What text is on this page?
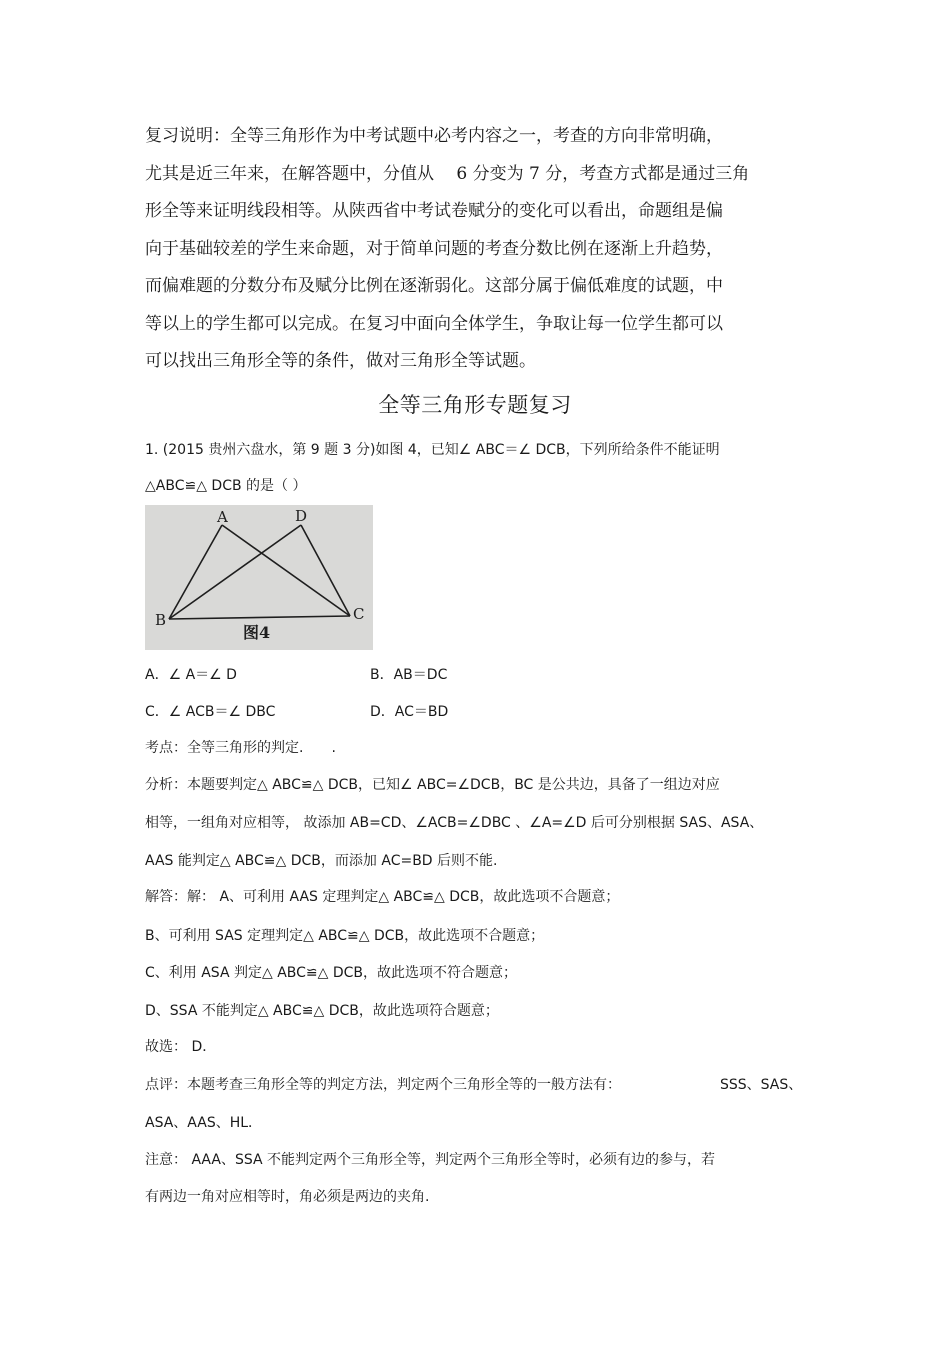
复习说明：全等三角形作为中考试题中必考内容之一，考查的方向非常明确，
尤其是近三年来，在解答题中，分值从　 6 分变为 7 分，考查方式都是通过三角
形全等来证明线段相等。从陕西省中考试卷赋分的变化可以看出，命题组是偏
向于基础较差的学生来命题，对于简单问题的考查分数比例在逐渐上升趋势，
而偏难题的分数分布及赋分比例在逐渐弱化。这部分属于偏低难度的试题，中
等以上的学生都可以完成。在复习中面向全体学生，争取让每一位学生都可以
可以找出三角形全等的条件，做对三角形全等试题。
全等三角形专题复习
1. (2015 贵州六盘水，第 9 题 3 分)如图 4，已知∠ ABC＝∠ DCB，下列所给条件不能证明
△ABC≌△ DCB 的是（ ）
A	D
B	C
图4
A．∠ A＝∠ D	B．AB＝DC
C．∠ ACB＝∠ DBC	D．AC＝BD
考点：全等三角形的判定.　　.
分析：本题要判定△ ABC≌△ DCB，已知∠ ABC=∠DCB，BC 是公共边，具备了一组边对应
相等，一组角对应相等， 故添加 AB=CD、∠ACB=∠DBC 、∠A=∠D 后可分别根据 SAS、ASA、
AAS 能判定△ ABC≌△ DCB，而添加 AC=BD 后则不能.
解答：解： A、可利用 AAS 定理判定△ ABC≌△ DCB，故此选项不合题意；
B、可利用 SAS 定理判定△ ABC≌△ DCB，故此选项不合题意；
C、利用 ASA 判定△ ABC≌△ DCB，故此选项不符合题意；
D、SSA 不能判定△ ABC≌△ DCB，故此选项符合题意；
故选： D．
点评：本题考查三角形全等的判定方法，判定两个三角形全等的一般方法有：	SSS、SAS、
ASA、AAS、HL．
注意： AAA、SSA 不能判定两个三角形全等，判定两个三角形全等时，必须有边的参与，若
有两边一角对应相等时，角必须是两边的夹角.
